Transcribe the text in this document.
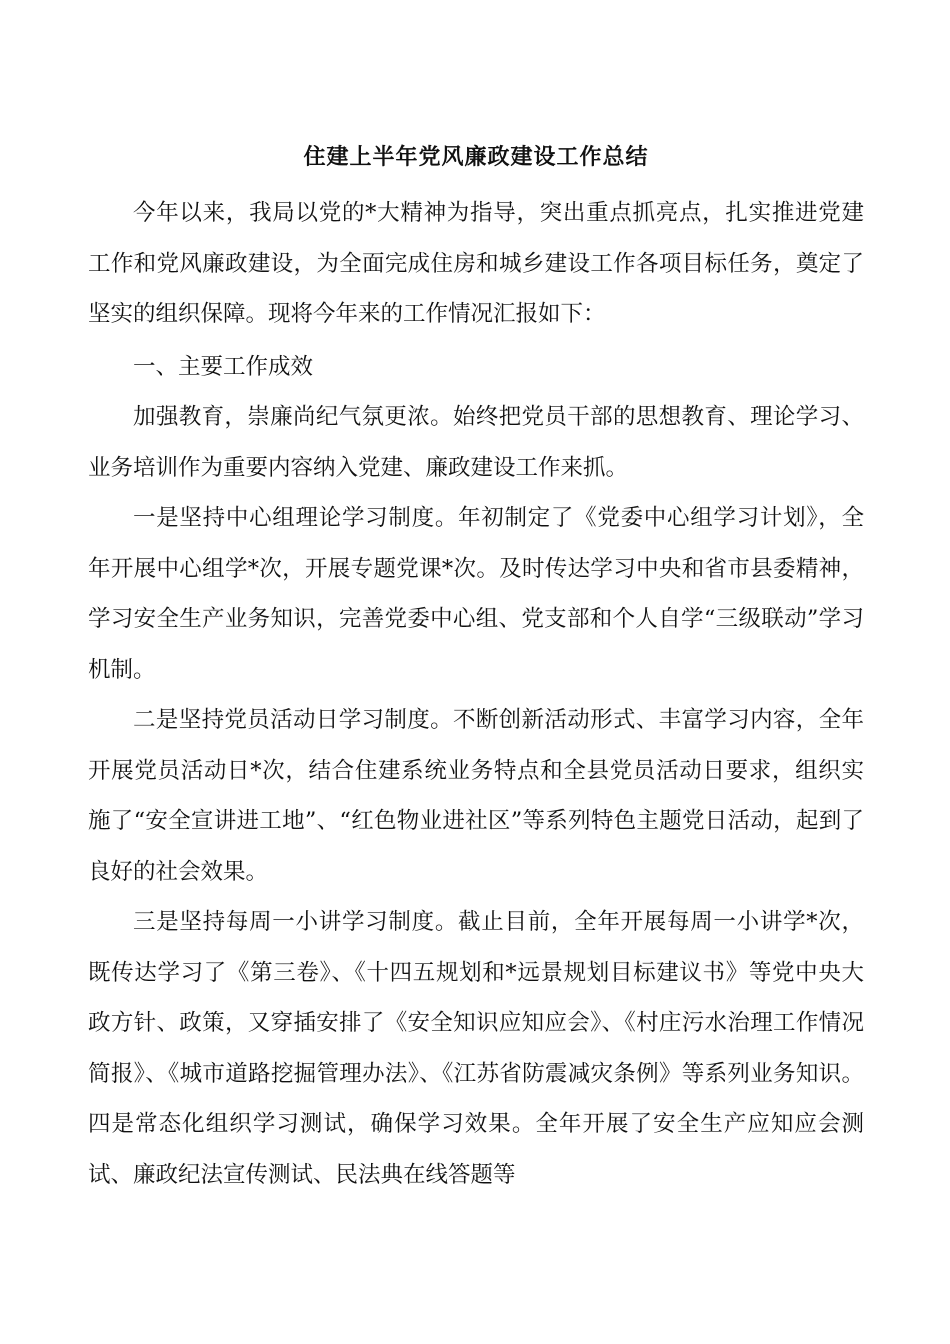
住建上半年党风廉政建设工作总结

今年以来，我局以党的*大精神为指导，突出重点抓亮点，扎实推进党建工作和党风廉政建设，为全面完成住房和城乡建设工作各项目标任务，奠定了坚实的组织保障。现将今年来的工作情况汇报如下：

一、主要工作成效

加强教育，崇廉尚纪气氛更浓。始终把党员干部的思想教育、理论学习、业务培训作为重要内容纳入党建、廉政建设工作来抓。

一是坚持中心组理论学习制度。年初制定了《党委中心组学习计划》，全年开展中心组学*次，开展专题党课*次。及时传达学习中央和省市县委精神，学习安全生产业务知识，完善党委中心组、党支部和个人自学“三级联动”学习机制。

二是坚持党员活动日学习制度。不断创新活动形式、丰富学习内容，全年开展党员活动日*次，结合住建系统业务特点和全县党员活动日要求，组织实施了“安全宣讲进工地”、“红色物业进社区”等系列特色主题党日活动，起到了良好的社会效果。

三是坚持每周一小讲学习制度。截止目前，全年开展每周一小讲学*次，既传达学习了《第三卷》、《十四五规划和*远景规划目标建议书》等党中央大政方针、政策，又穿插安排了《安全知识应知应会》、《村庄污水治理工作情况简报》、《城市道路挖掘管理办法》、《江苏省防震减灾条例》等系列业务知识。四是常态化组织学习测试，确保学习效果。全年开展了安全生产应知应会测试、廉政纪法宣传测试、民法典在线答题等
